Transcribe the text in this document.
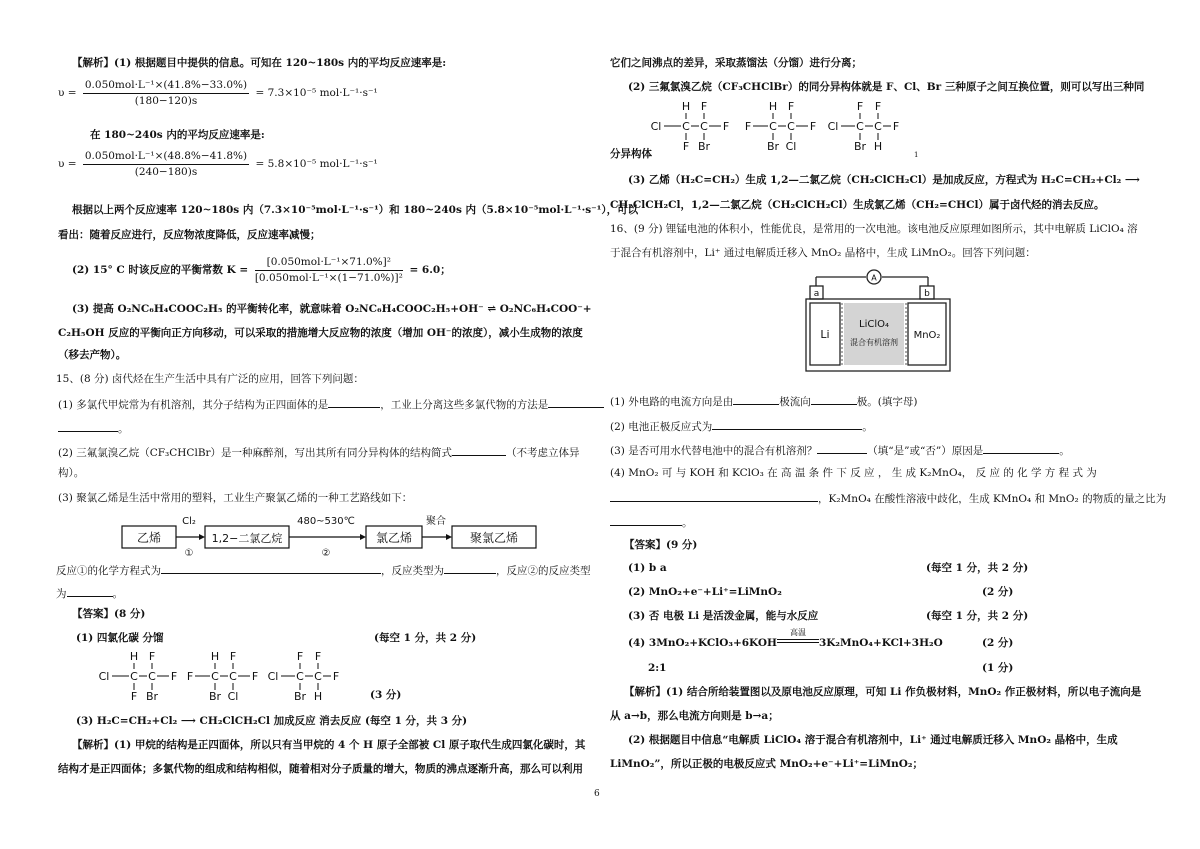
【解析】(1) 根据题目中提供的信息。可知在 120~180s 内的平均反应速率是:
$\upsilon = \frac{\text{0.050mol·L⁻¹×(41.8\%−33.0\%)}}{(180-120)s} = 7.3\times 10^{-5}$ mol·L⁻¹·s⁻¹
在 180~240s 内的平均反应速率是:
$\upsilon = \frac{\text{0.050mol·L⁻¹×(48.8\%−41.8\%)}}{(240-180)s} = 5.8\times 10^{-5}$ mol·L⁻¹·s⁻¹
根据以上两个反应速率 120~180s 内（7.3×10⁻⁵mol·L⁻¹·s⁻¹）和 180~240s 内（5.8×10⁻⁵mol·L⁻¹·s⁻¹），可以
看出：随着反应进行，反应物浓度降低，反应速率减慢；
(2) 15° C 时该反应的平衡常数 $K = \frac{\text{[0.050mol·L⁻¹×71.0\%]²}}{\text{[0.050mol·L⁻¹×(1−71.0\%)]²}} = 6.0$；
(3) 提高 O₂NC₆H₄COOC₂H₅ 的平衡转化率，就意味着 O₂NC₆H₄COOC₂H₅+OH⁻ ⇌ O₂NC₆H₄COO⁻+
C₂H₅OH 反应的平衡向正方向移动，可以采取的措施增大反应物的浓度（增加 OH⁻的浓度），减小生成物的浓度
（移去产物）。
15、(8 分) 卤代烃在生产生活中具有广泛的应用，回答下列问题：
(1) 多氯代甲烷常为有机溶剂，其分子结构为正四面体的是	，工业上分离这些多氯代物的方法是
。
(2) 三氟氯溴乙烷（CF₃CHClBr）是一种麻醉剂，写出其所有同分异构体的结构简式	（不考虑立体异
构）。
(3) 聚氯乙烯是生活中常用的塑料，工业生产聚氯乙烯的一种工艺路线如下：
乙烯	1,2−二氯乙烷	氯乙烯	聚氯乙烯
Cl₂
①
480~530℃
②
聚合
反应①的化学方程式为	，反应类型为	，反应②的反应类型
为	。
【答案】(8 分)
(1) 四氯化碳 分馏	(每空 1 分，共 2 分)
H F
Cl C C F
F Br
H F
F C C F
Br Cl
F F
Cl C C F
Br H	(3 分)
(3) H₂C=CH₂+Cl₂ ⟶ CH₂ClCH₂Cl 加成反应 消去反应 (每空 1 分，共 3 分)
【解析】(1) 甲烷的结构是正四面体，所以只有当甲烷的 4 个 H 原子全部被 Cl 原子取代生成四氯化碳时，其
结构才是正四面体；多氯代物的组成和结构相似，随着相对分子质量的增大，物质的沸点逐渐升高，那么可以利用
它们之间沸点的差异，采取蒸馏法（分馏）进行分离；
(2) 三氟氯溴乙烷（CF₃CHClBr）的同分异构体就是 F、Cl、Br 三种原子之间互换位置，则可以写出三种同
H F
Cl C C F
F Br
H F
F C C F
Br Cl
F F
Cl C C F
Br H
分异构体	1
(3) 乙烯（H₂C=CH₂）生成 1,2—二氯乙烷（CH₂ClCH₂Cl）是加成反应，方程式为 H₂C=CH₂+Cl₂ ⟶
CH₂ClCH₂Cl，1,2—二氯乙烷（CH₂ClCH₂Cl）生成氯乙烯（CH₂=CHCl）属于卤代烃的消去反应。
16、(9 分) 锂锰电池的体积小，性能优良，是常用的一次电池。该电池反应原理如图所示，其中电解质 LiClO₄ 溶
于混合有机溶剂中，Li⁺ 通过电解质迁移入 MnO₂ 晶格中，生成 LiMnO₂。回答下列问题：
A
a	b
Li
LiClO₄
混合有机溶剂
MnO₂
(1) 外电路的电流方向是由	极流向	极。(填字母)
(2) 电池正极反应式为	。
(3) 是否可用水代替电池中的混合有机溶剂？	（填“是”或“否”）原因是	。
(4) MnO₂ 可 与 KOH 和 KClO₃ 在 高 温 条 件 下 反 应 ， 生 成 K₂MnO₄， 反 应 的 化 学 方 程 式 为
，K₂MnO₄ 在酸性溶液中歧化，生成 KMnO₄ 和 MnO₂ 的物质的量之比为
。
【答案】(9 分)
(1) b a	(每空 1 分，共 2 分)
(2) MnO₂+e⁻+Li⁺=LiMnO₂	(2 分)
(3) 否 电极 Li 是活泼金属，能与水反应	(每空 1 分，共 2 分)
(4) 3MnO₂+KClO₃+6KOH
高温
3K₂MnO₄+KCl+3H₂O	(2 分)
2:1	(1 分)
【解析】(1) 结合所给装置图以及原电池反应原理，可知 Li 作负极材料，MnO₂ 作正极材料，所以电子流向是
从 a→b，那么电流方向则是 b→a；
(2) 根据题目中信息“电解质 LiClO₄ 溶于混合有机溶剂中，Li⁺ 通过电解质迁移入 MnO₂ 晶格中，生成
LiMnO₂”，所以正极的电极反应式 MnO₂+e⁻+Li⁺=LiMnO₂；
6
